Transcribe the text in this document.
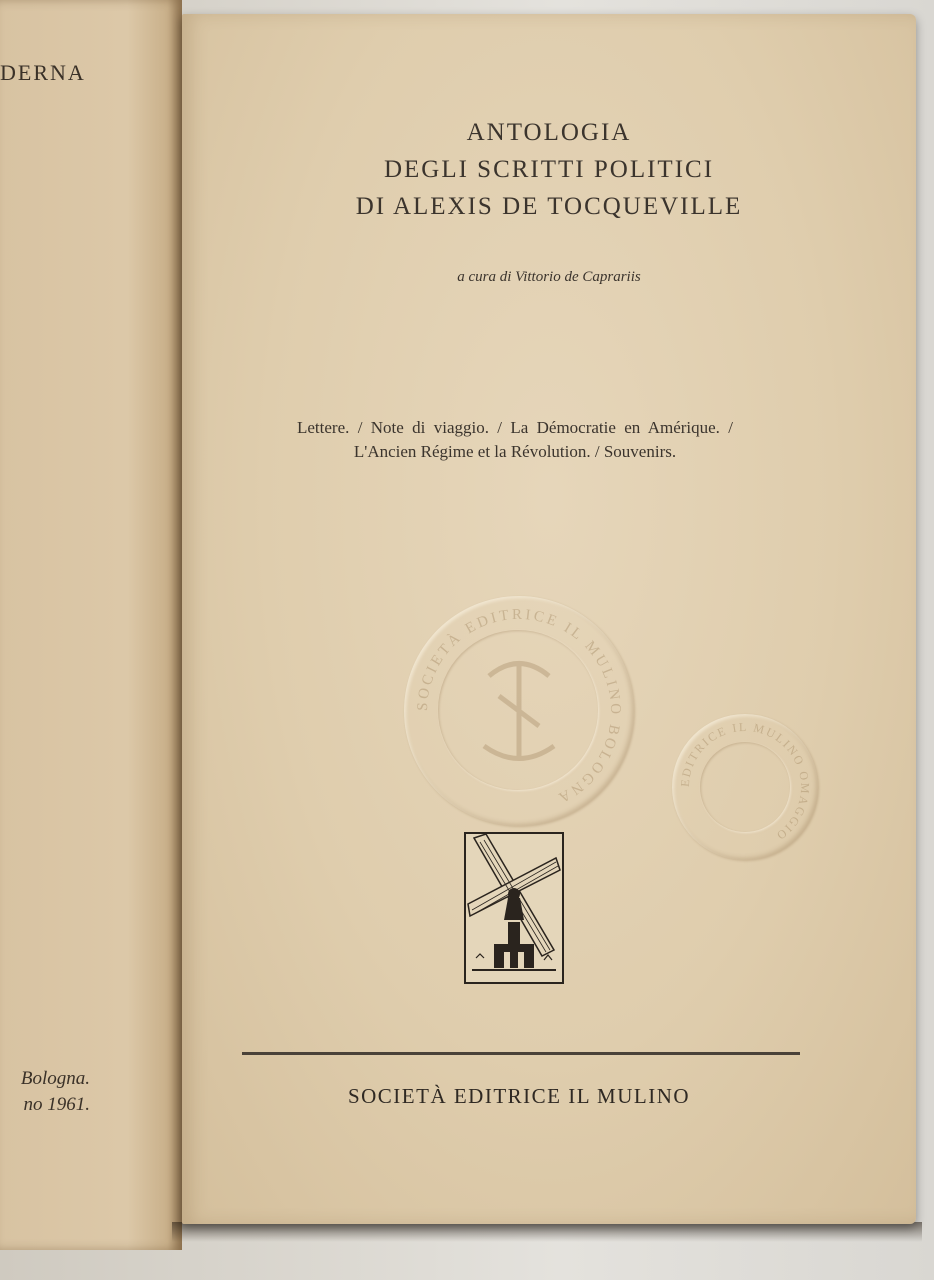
DERNA
Bologna.
no 1961.
ANTOLOGIA
DEGLI SCRITTI POLITICI
DI ALEXIS DE TOCQUEVILLE
a cura di Vittorio de Caprariis
Lettere. / Note di viaggio. / La Démocratie en Amérique. / L'Ancien Régime et la Révolution. / Souvenirs.
SOCIETÀ EDITRICE IL MULINO BOLOGNA
EDITRICE IL MULINO OMAGGIO
SOCIETÀ EDITRICE IL MULINO
